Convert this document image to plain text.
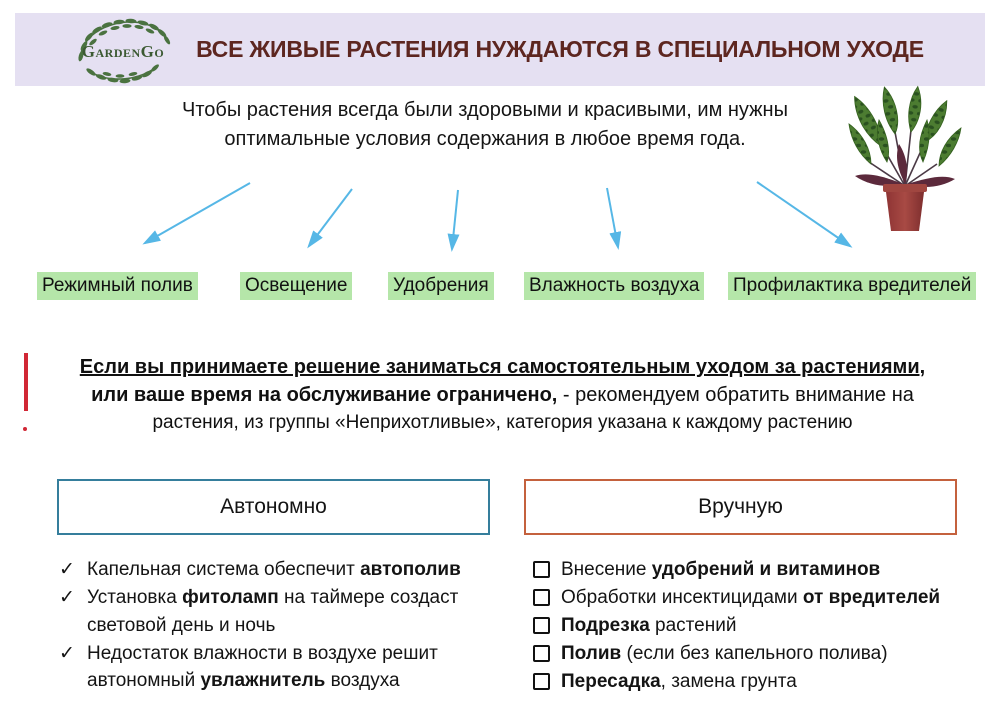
GardenGo	ВСЕ ЖИВЫЕ РАСТЕНИЯ НУЖДАЮТСЯ В СПЕЦИАЛЬНОМ УХОДЕ
Чтобы растения всегда были здоровыми и красивыми, им нужны
оптимальные условия содержания в любое время года.
Режимный полив	Освещение Удобрения Влажность воздуха Профилактика вредителей
Если вы принимаете решение заниматься самостоятельным уходом за растениями,
или ваше время на обслуживание ограничено, - рекомендуем обратить внимание на
растения, из группы «Неприхотливые», категория указана к каждому растению
Автономно	Вручную
✓ Капельная система обеспечит автополив
✓ Установка фитоламп на таймере создаст световой день и ночь
✓ Недостаток влажности в воздухе решит автономный увлажнитель воздуха
Внесение удобрений и витаминов
Обработки инсектицидами от вредителей
Подрезка растений
Полив (если без капельного полива)
Пересадка, замена грунта
